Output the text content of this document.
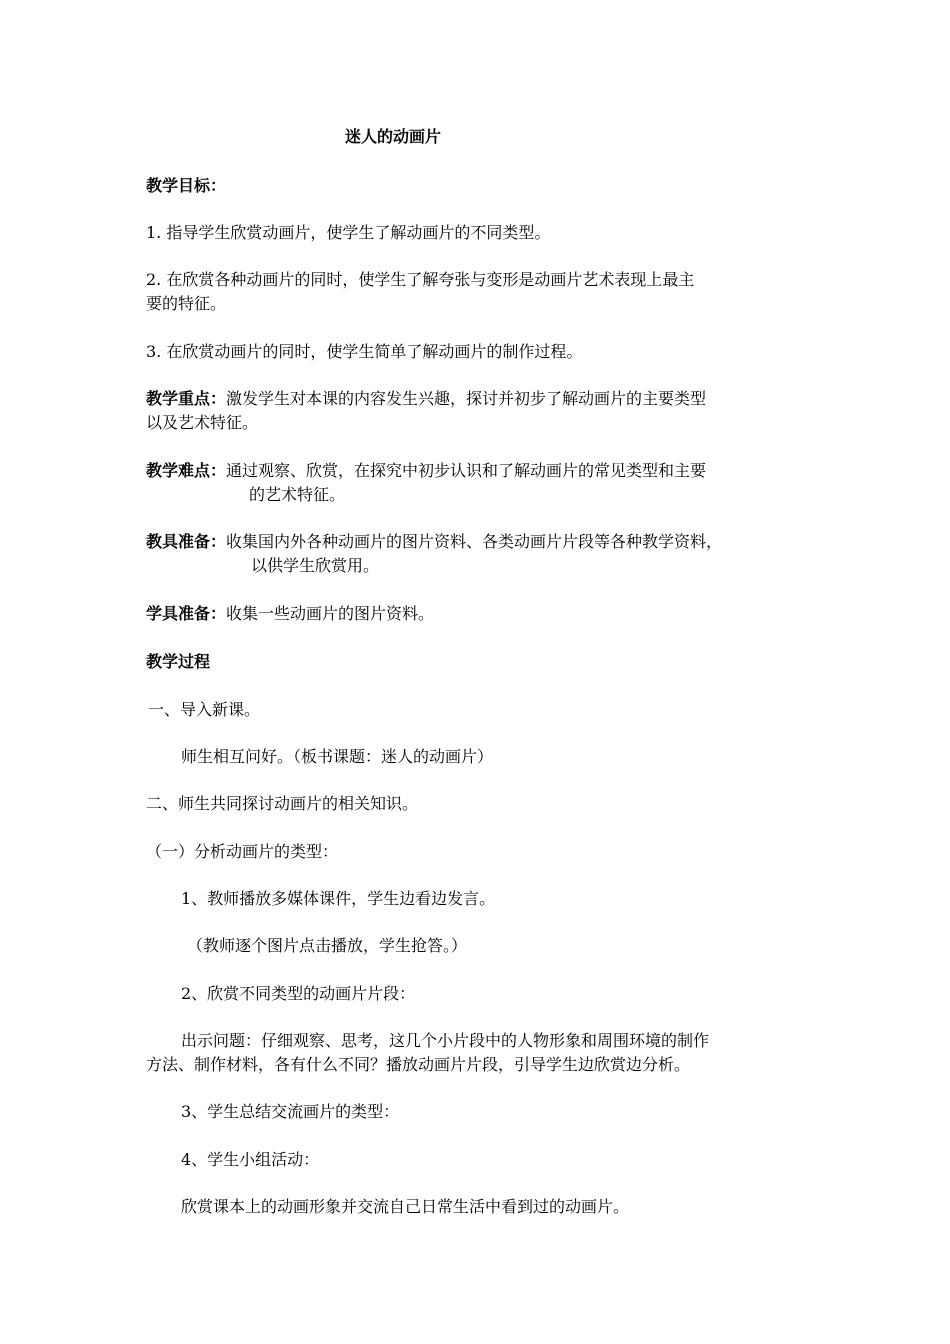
迷人的动画片
教学目标：
1. 指导学生欣赏动画片，使学生了解动画片的不同类型。
2. 在欣赏各种动画片的同时，使学生了解夸张与变形是动画片艺术表现上最主
要的特征。
3. 在欣赏动画片的同时，使学生简单了解动画片的制作过程。
教学重点：激发学生对本课的内容发生兴趣，探讨并初步了解动画片的主要类型
以及艺术特征。
教学难点：通过观察、欣赏，在探究中初步认识和了解动画片的常见类型和主要
的艺术特征。
教具准备：收集国内外各种动画片的图片资料、各类动画片片段等各种教学资料，
以供学生欣赏用。
学具准备：收集一些动画片的图片资料。
教学过程
一、导入新课。
师生相互问好。（板书课题：迷人的动画片）
二、师生共同探讨动画片的相关知识。
（一）分析动画片的类型：
1、教师播放多媒体课件，学生边看边发言。
（教师逐个图片点击播放，学生抢答。）
2、欣赏不同类型的动画片片段：
出示问题：仔细观察、思考，这几个小片段中的人物形象和周围环境的制作
方法、制作材料，各有什么不同？播放动画片片段，引导学生边欣赏边分析。
3、学生总结交流画片的类型：
4、学生小组活动：
欣赏课本上的动画形象并交流自己日常生活中看到过的动画片。
